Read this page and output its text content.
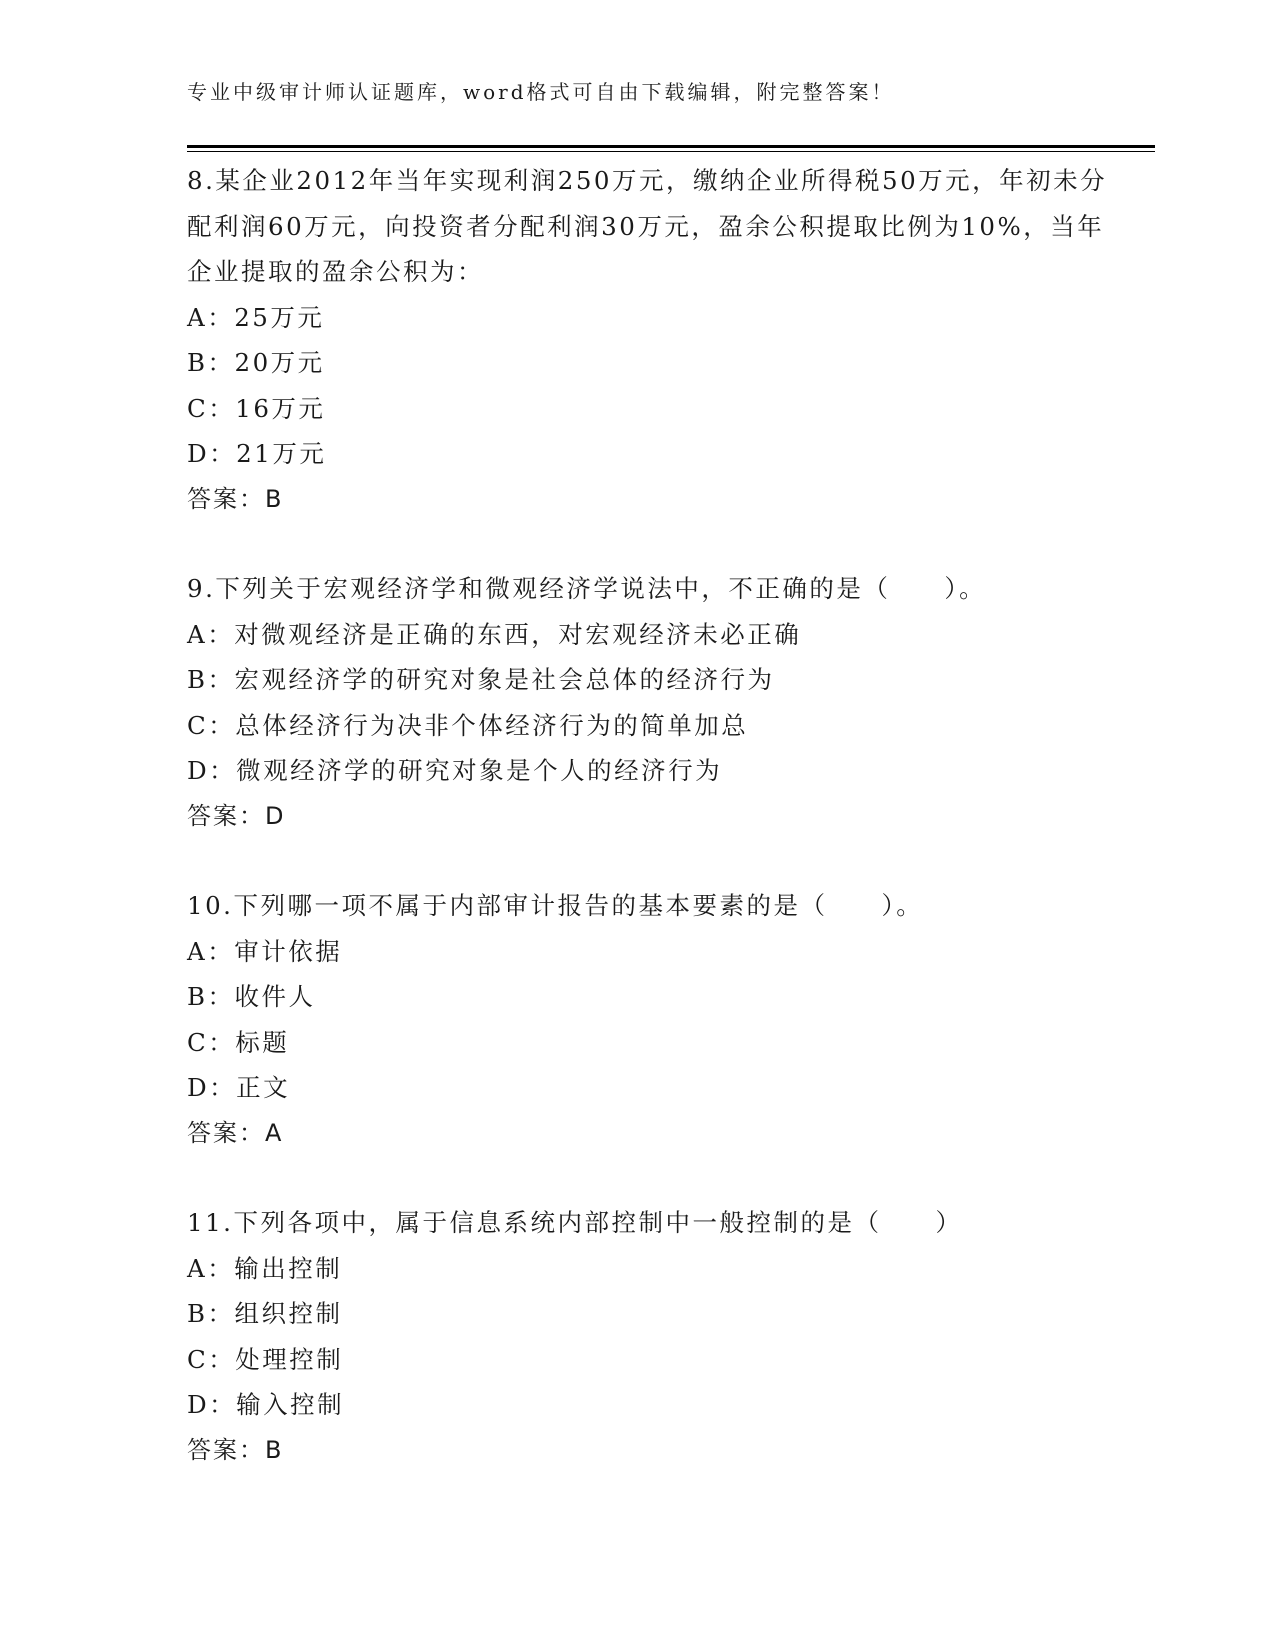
专业中级审计师认证题库，word格式可自由下载编辑，附完整答案！

8.某企业2012年当年实现利润250万元，缴纳企业所得税50万元，年初未分配利润60万元，向投资者分配利润30万元，盈余公积提取比例为10%，当年企业提取的盈余公积为：

A：25万元

B：20万元

C：16万元

D：21万元

答案：B

9.下列关于宏观经济学和微观经济学说法中，不正确的是（　　）。

A：对微观经济是正确的东西，对宏观经济未必正确

B：宏观经济学的研究对象是社会总体的经济行为

C：总体经济行为决非个体经济行为的简单加总

D：微观经济学的研究对象是个人的经济行为

答案：D

10.下列哪一项不属于内部审计报告的基本要素的是（　　）。

A：审计依据

B：收件人

C：标题

D：正文

答案：A

11.下列各项中，属于信息系统内部控制中一般控制的是（　　）

A：输出控制

B：组织控制

C：处理控制

D：输入控制

答案：B
